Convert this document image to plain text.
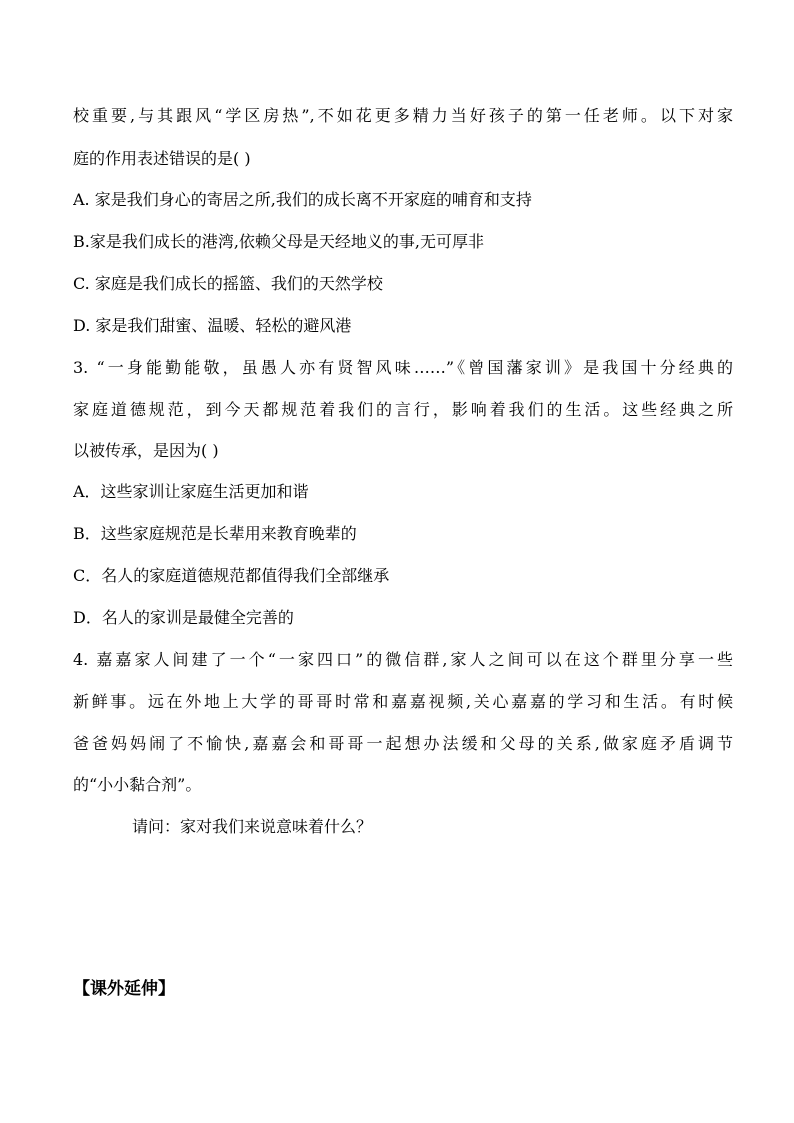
校重要,与其跟风“学区房热”,不如花更多精力当好孩子的第一任老师。以下对家
庭的作用表述错误的是( )
A. 家是我们身心的寄居之所,我们的成长离不开家庭的哺育和支持
B.家是我们成长的港湾,依赖父母是天经地义的事,无可厚非
C. 家庭是我们成长的摇篮、我们的天然学校
D. 家是我们甜蜜、温暖、轻松的避风港
3. “一身能勤能敬，虽愚人亦有贤智风味……”《曾国藩家训》是我国十分经典的
家庭道德规范，到今天都规范着我们的言行，影响着我们的生活。这些经典之所
以被传承，是因为( )
A．这些家训让家庭生活更加和谐
B．这些家庭规范是长辈用来教育晚辈的
C．名人的家庭道德规范都值得我们全部继承
D．名人的家训是最健全完善的
4. 嘉嘉家人间建了一个“一家四口”的微信群,家人之间可以在这个群里分享一些
新鲜事。远在外地上大学的哥哥时常和嘉嘉视频,关心嘉嘉的学习和生活。有时候
爸爸妈妈闹了不愉快,嘉嘉会和哥哥一起想办法缓和父母的关系,做家庭矛盾调节
的“小小黏合剂”。
请问：家对我们来说意味着什么？
【课外延伸】
